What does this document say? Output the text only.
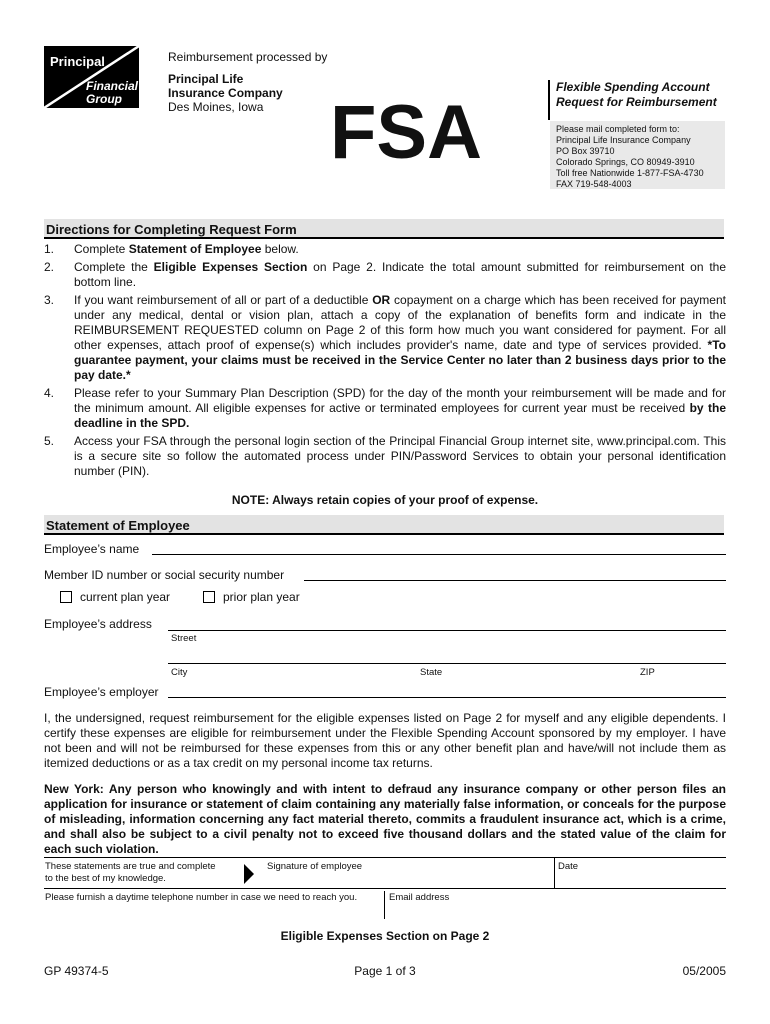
Principal
Financial
Group
Reimbursement processed by
Principal Life
Insurance Company
Des Moines, Iowa FSA
Flexible Spending Account
Request for Reimbursement
Please mail completed form to:
Principal Life Insurance Company
PO Box 39710
Colorado Springs, CO 80949-3910
Toll free Nationwide 1-877-FSA-4730
FAX 719-548-4003
Directions for Completing Request Form
1.	Complete Statement of Employee below.
2.	Complete the Eligible Expenses Section on Page 2. Indicate the total amount submitted for reimbursement on the bottom line.
3.	If you want reimbursement of all or part of a deductible OR copayment on a charge which has been received for payment under any medical, dental or vision plan, attach a copy of the explanation of benefits form and indicate in the REIMBURSEMENT REQUESTED column on Page 2 of this form how much you want considered for payment. For all other expenses, attach proof of expense(s) which includes provider's name, date and type of services provided. *To guarantee payment, your claims must be received in the Service Center no later than 2 business days prior to the pay date.*
4.	Please refer to your Summary Plan Description (SPD) for the day of the month your reimbursement will be made and for the minimum amount. All eligible expenses for active or terminated employees for current year must be received by the deadline in the SPD.
5.	Access your FSA through the personal login section of the Principal Financial Group internet site, www.principal.com. This is a secure site so follow the automated process under PIN/Password Services to obtain your personal identification number (PIN).
NOTE: Always retain copies of your proof of expense.
Statement of Employee
Employee’s name
Member ID number or social security number
current plan year	prior plan year
Employee’s address
Street
City	State	ZIP
Employee’s employer
I, the undersigned, request reimbursement for the eligible expenses listed on Page 2 for myself and any eligible dependents. I certify these expenses are eligible for reimbursement under the Flexible Spending Account sponsored by my employer. I have not been and will not be reimbursed for these expenses from this or any other benefit plan and have/will not include them as itemized deductions or as a tax credit on my personal income tax returns.
New York: Any person who knowingly and with intent to defraud any insurance company or other person files an application for insurance or statement of claim containing any materially false information, or conceals for the purpose of misleading, information concerning any fact material thereto, commits a fraudulent insurance act, which is a crime, and shall also be subject to a civil penalty not to exceed five thousand dollars and the stated value of the claim for each such violation.
These statements are true and complete
to the best of my knowledge.
Signature of employee	Date
Please furnish a daytime telephone number in case we need to reach you.	Email address
Eligible Expenses Section on Page 2
GP 49374-5	Page 1 of 3	05/2005
